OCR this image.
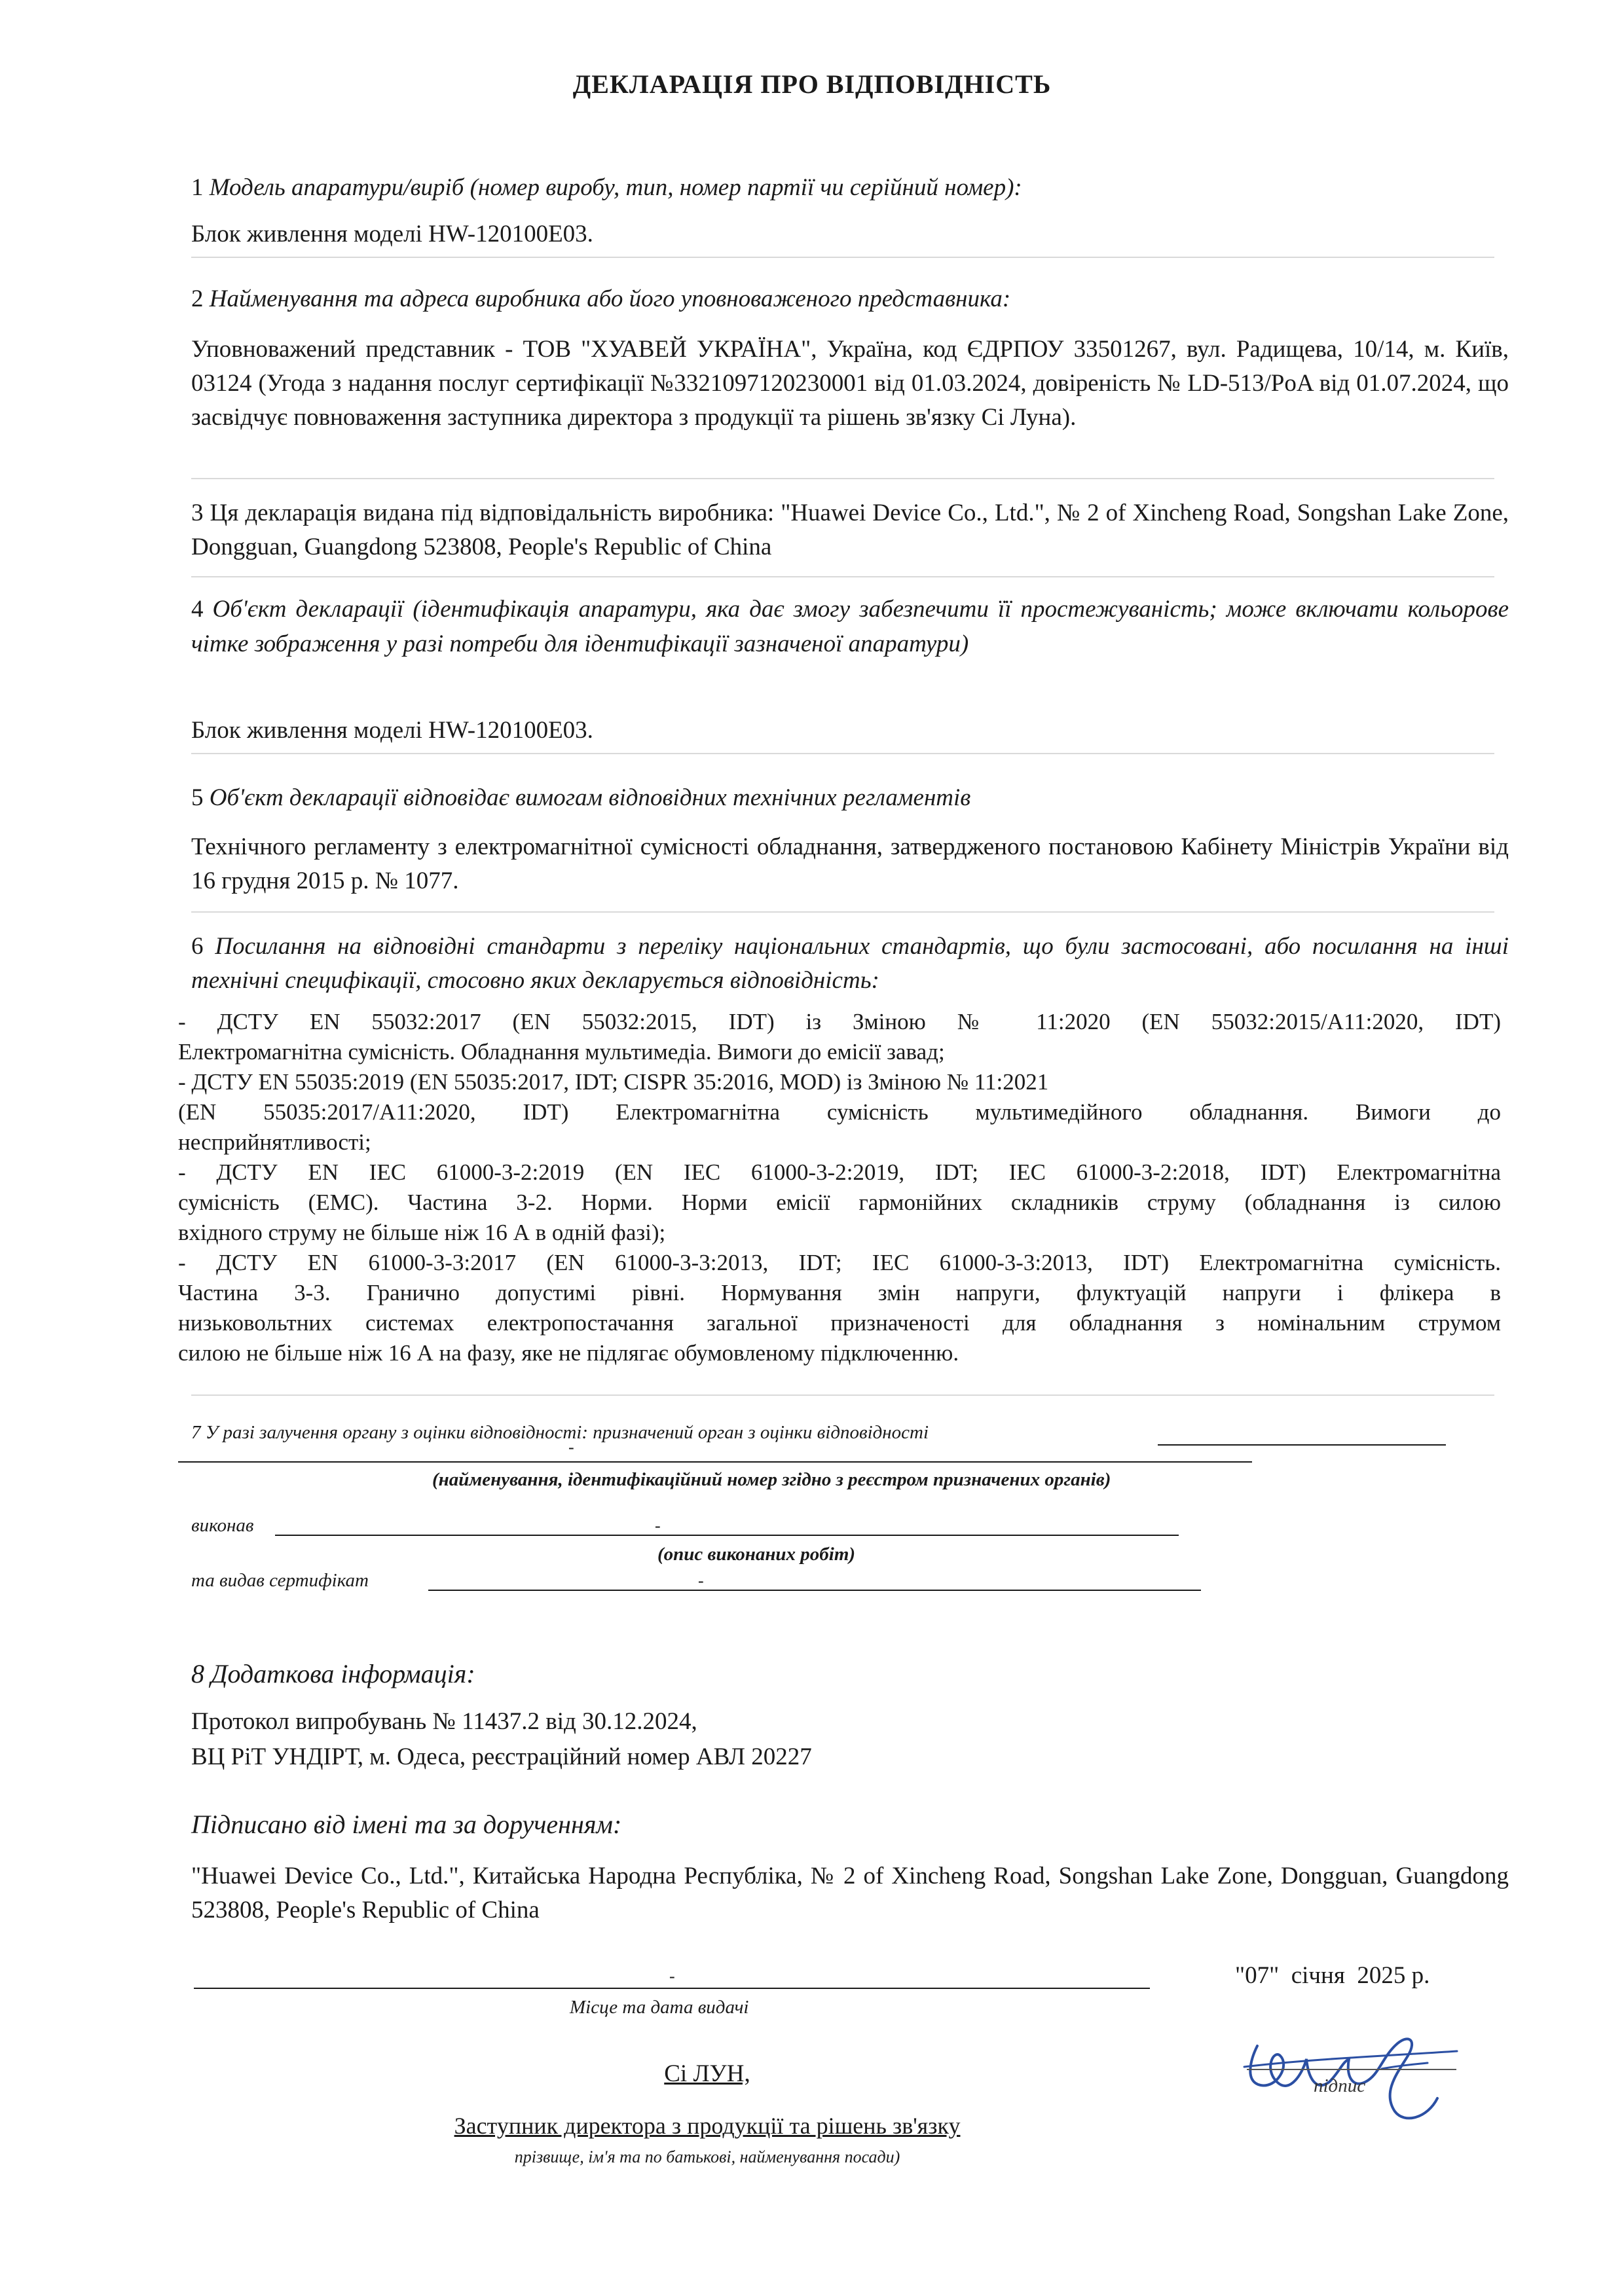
ДЕКЛАРАЦІЯ ПРО ВІДПОВІДНІСТЬ
1 Модель апаратури/виріб (номер виробу, тип, номер партії чи серійний номер):
Блок живлення моделі HW-120100E03.
2 Найменування та адреса виробника або його уповноваженого представника:
Уповноважений представник - ТОВ "ХУАВЕЙ УКРАЇНА", Україна, код ЄДРПОУ 33501267, вул. Радищева, 10/14, м. Київ, 03124 (Угода з надання послуг сертифікації №3321097120230001 від 01.03.2024, довіреність № LD-513/PoA від 01.07.2024, що засвідчує повноваження заступника директора з продукції та рішень зв'язку Сі Луна).
3 Ця декларація видана під відповідальність виробника: "Huawei Device Co., Ltd.", № 2 of Xincheng Road, Songshan Lake Zone, Dongguan, Guangdong 523808, People's Republic of China
4 Об'єкт декларації (ідентифікація апаратури, яка дає змогу забезпечити її простежуваність; може включати кольорове чітке зображення у разі потреби для ідентифікації зазначеної апаратури)
Блок живлення моделі HW-120100E03.
5 Об'єкт декларації відповідає вимогам відповідних технічних регламентів
Технічного регламенту з електромагнітної сумісності обладнання, затвердженого постановою Кабінету Міністрів України від 16 грудня 2015 р. № 1077.
6 Посилання на відповідні стандарти з переліку національних стандартів, що були застосовані, або посилання на інші технічні специфікації, стосовно яких декларується відповідність:
- ДСТУ EN 55032:2017 (EN 55032:2015, IDT) із Зміною № 11:2020 (EN 55032:2015/A11:2020, IDT)
Електромагнітна сумісність. Обладнання мультимедіа. Вимоги до емісії завад;
- ДСТУ EN 55035:2019 (EN 55035:2017, IDT; CISPR 35:2016, MOD) із Зміною № 11:2021
(EN 55035:2017/A11:2020, IDT) Електромагнітна сумісність мультимедійного обладнання. Вимоги до
несприйнятливості;
- ДСТУ EN IEC 61000-3-2:2019 (EN IEC 61000-3-2:2019, IDT; IEC 61000-3-2:2018, IDT) Електромагнітна
сумісність (ЕМС). Частина 3-2. Норми. Норми емісії гармонійних складників струму (обладнання із силою
вхідного струму не більше ніж 16 А в одній фазі);
- ДСТУ EN 61000-3-3:2017 (EN 61000-3-3:2013, IDT; IEC 61000-3-3:2013, IDT) Електромагнітна сумісність.
Частина 3-3. Гранично допустимі рівні. Нормування змін напруги, флуктуацій напруги і флікера в
низьковольтних системах електропостачання загальної призначеності для обладнання з номінальним струмом
силою не більше ніж 16 А на фазу, яке не підлягає обумовленому підключенню.
7 У разі залучення органу з оцінки відповідності: призначений орган з оцінки відповідності
-
(найменування, ідентифікаційний номер згідно з реєстром призначених органів)
виконав	-
(опис виконаних робіт)
та видав сертифікат	-
8 Додаткова інформація:
Протокол випробувань № 11437.2 від 30.12.2024,
ВЦ РіТ УНДІРТ, м. Одеса, реєстраційний номер АВЛ 20227
Підписано від імені та за дорученням:
"Huawei Device Co., Ltd.", Китайська Народна Республіка, № 2 of Xincheng Road, Songshan Lake Zone, Dongguan, Guangdong 523808, People's Republic of China
-
Місце та дата видачі
"07"  січня  2025 р.
підпис
Сі ЛУН,
Заступник директора з продукції та рішень зв'язку
прізвище, ім'я та по батькові, найменування посади)
